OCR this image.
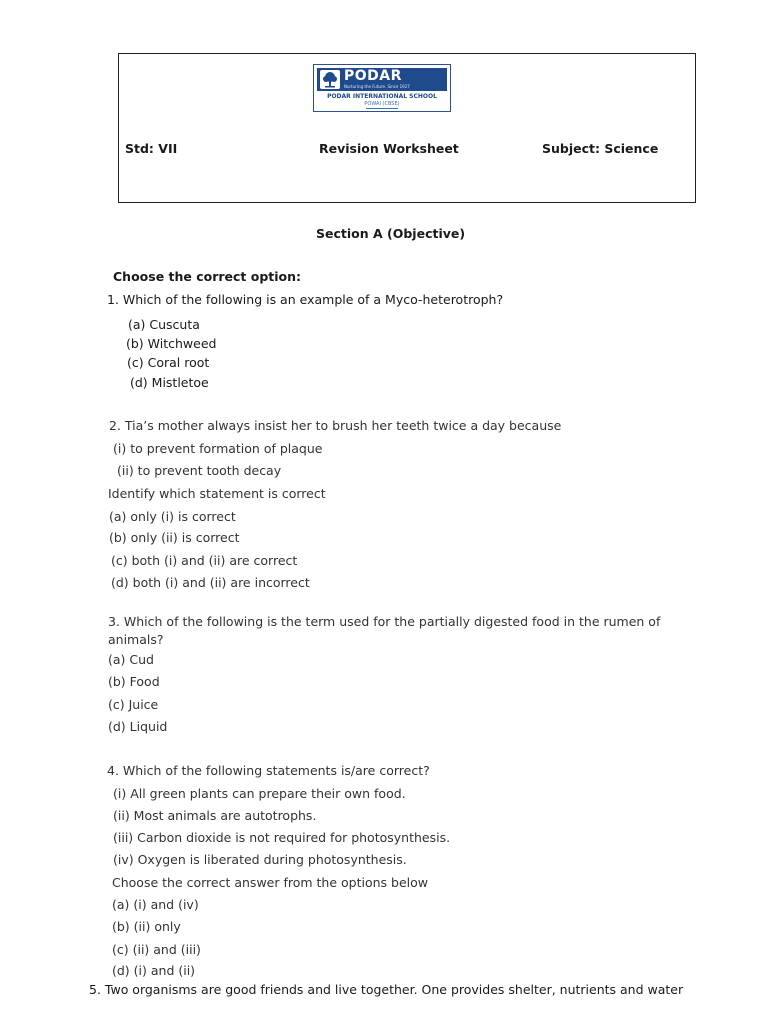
PODAR
Nurturing the Future. Since 1927
PODAR INTERNATIONAL SCHOOL
POWAI (CBSE)
Std: VII	Revision Worksheet	Subject: Science
Section A (Objective)
Choose the correct option:
1. Which of the following is an example of a Myco-heterotroph?
(a) Cuscuta
(b) Witchweed
(c) Coral root
(d) Mistletoe
2. Tia’s mother always insist her to brush her teeth twice a day because
(i) to prevent formation of plaque
(ii) to prevent tooth decay
Identify which statement is correct
(a) only (i) is correct
(b) only (ii) is correct
(c) both (i) and (ii) are correct
(d) both (i) and (ii) are incorrect
3. Which of the following is the term used for the partially digested food in the rumen of
animals?
(a) Cud
(b) Food
(c) Juice
(d) Liquid
4. Which of the following statements is/are correct?
(i) All green plants can prepare their own food.
(ii) Most animals are autotrophs.
(iii) Carbon dioxide is not required for photosynthesis.
(iv) Oxygen is liberated during photosynthesis.
Choose the correct answer from the options below
(a) (i) and (iv)
(b) (ii) only
(c) (ii) and (iii)
(d) (i) and (ii)
5. Two organisms are good friends and live together. One provides shelter, nutrients and water
